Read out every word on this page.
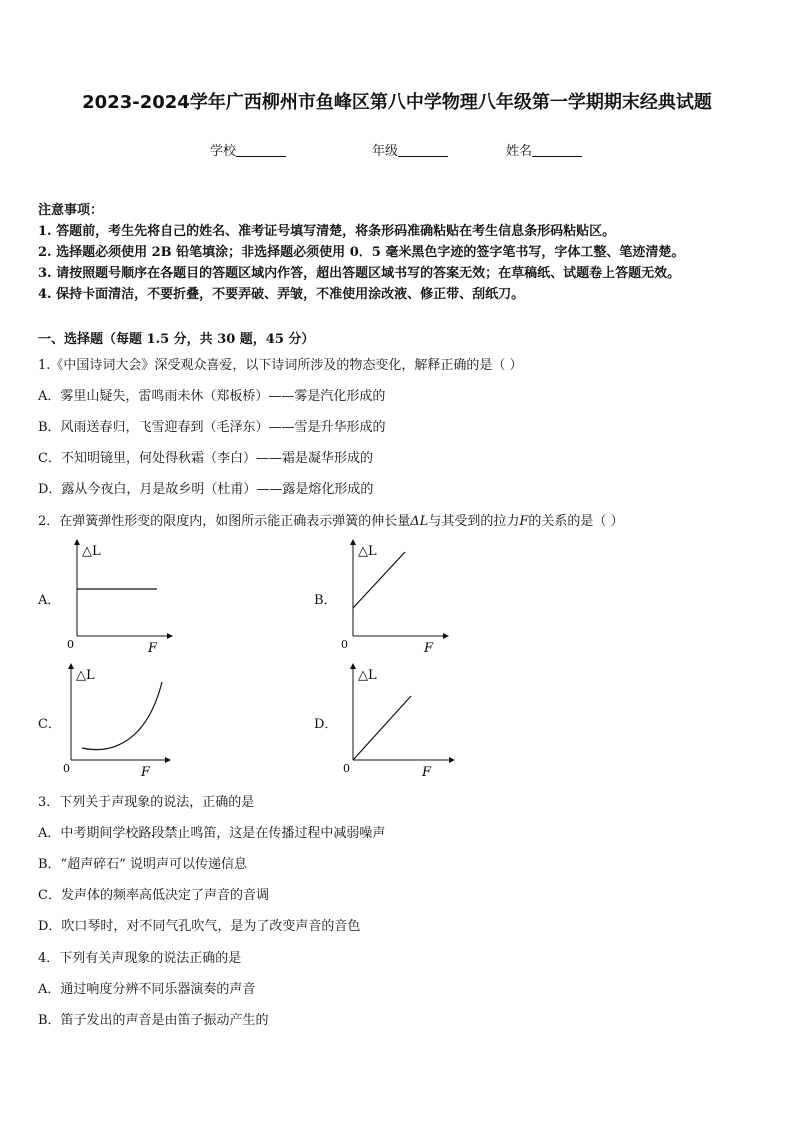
2023-2024学年广西柳州市鱼峰区第八中学物理八年级第一学期期末经典试题
学校	年级	姓名
注意事项：
1. 答题前，考生先将自己的姓名、准考证号填写清楚，将条形码准确粘贴在考生信息条形码粘贴区。
2. 选择题必须使用 2B 铅笔填涂；非选择题必须使用 0．5 毫米黑色字迹的签字笔书写，字体工整、笔迹清楚。
3. 请按照题号顺序在各题目的答题区域内作答，超出答题区域书写的答案无效；在草稿纸、试题卷上答题无效。
4. 保持卡面清洁，不要折叠，不要弄破、弄皱，不准使用涂改液、修正带、刮纸刀。
一、选择题（每题 1.5 分，共 30 题，45 分）
1.《中国诗词大会》深受观众喜爱，以下诗词所涉及的物态变化，解释正确的是（ ）
A．雾里山疑失，雷鸣雨未休（郑板桥）——雾是汽化形成的
B．风雨送春归，飞雪迎春到（毛泽东）——雪是升华形成的
C．不知明镜里，何处得秋霜（李白）——霜是凝华形成的
D．露从今夜白，月是故乡明（杜甫）——露是熔化形成的
2．在弹簧弹性形变的限度内，如图所示能正确表示弹簧的伸长量ΔL与其受到的拉力F的关系的是（ ）
A．
△L
0	F
B．
△L
0	F
C．
△L
0	F
D．
△L
0	F
3．下列关于声现象的说法，正确的是
A．中考期间学校路段禁止鸣笛，这是在传播过程中减弱噪声
B．“超声碎石” 说明声可以传递信息
C．发声体的频率高低决定了声音的音调
D．吹口琴时，对不同气孔吹气，是为了改变声音的音色
4．下列有关声现象的说法正确的是
A．通过响度分辨不同乐器演奏的声音
B．笛子发出的声音是由笛子振动产生的
